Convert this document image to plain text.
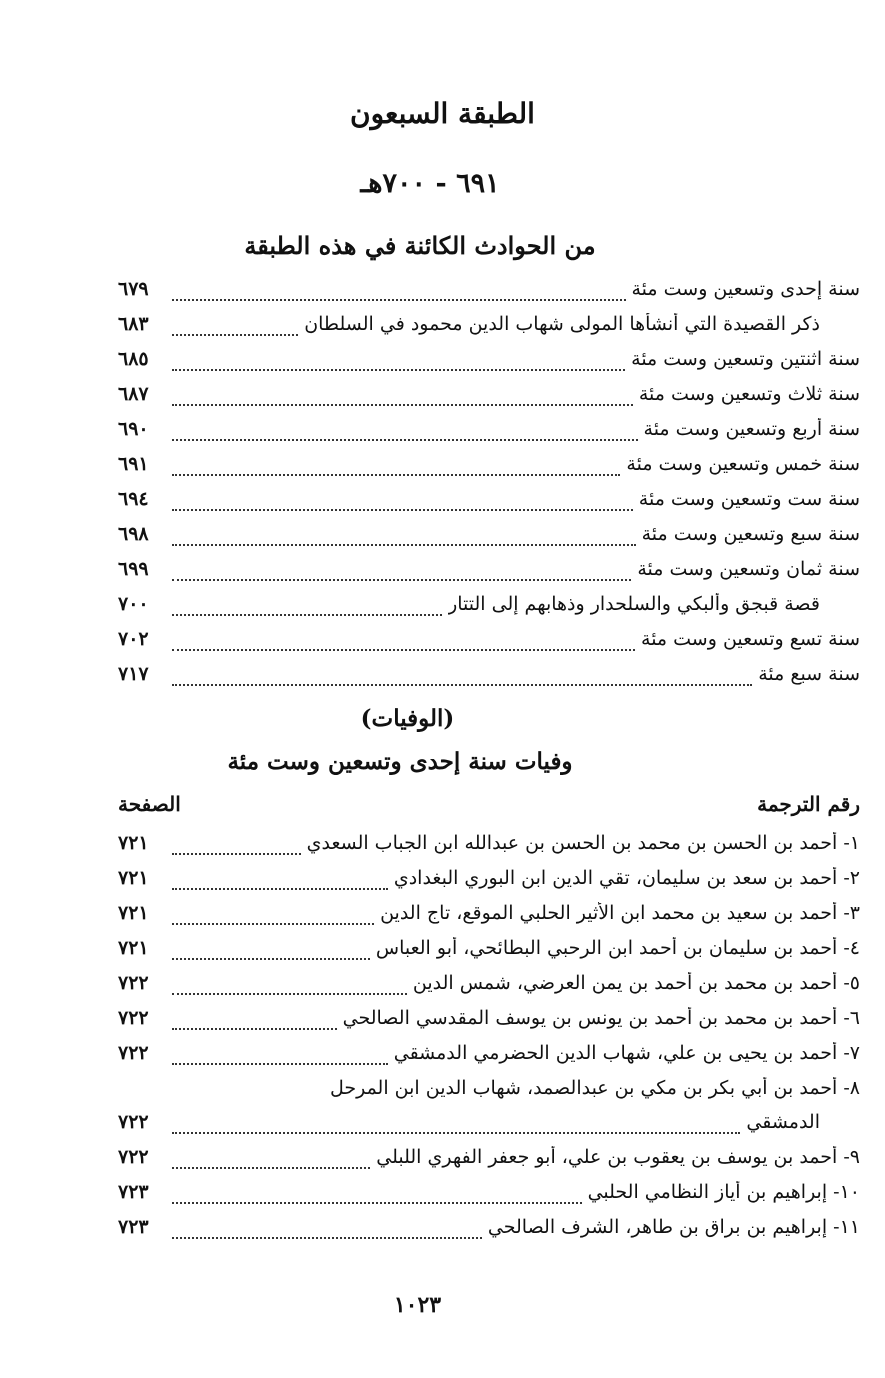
الطبقة السبعون
٦٩١ - ٧٠٠هـ
من الحوادث الكائنة في هذه الطبقة
سنة إحدى وتسعين وست مئة
٦٧٩
ذكر القصيدة التي أنشأها المولى شهاب الدين محمود في السلطان
٦٨٣
سنة اثنتين وتسعين وست مئة
٦٨٥
سنة ثلاث وتسعين وست مئة
٦٨٧
سنة أربع وتسعين وست مئة
٦٩٠
سنة خمس وتسعين وست مئة
٦٩١
سنة ست وتسعين وست مئة
٦٩٤
سنة سبع وتسعين وست مئة
٦٩٨
سنة ثمان وتسعين وست مئة
٦٩٩
قصة قبجق وألبكي والسلحدار وذهابهم إلى التتار
٧٠٠
سنة تسع وتسعين وست مئة
٧٠٢
سنة سبع مئة
٧١٧
(الوفيات)
وفيات سنة إحدى وتسعين وست مئة
رقم الترجمة
الصفحة
١- أحمد بن الحسن بن محمد بن الحسن بن عبدالله ابن الجباب السعدي
٧٢١
٢- أحمد بن سعد بن سليمان، تقي الدين ابن البوري البغدادي
٧٢١
٣- أحمد بن سعيد بن محمد ابن الأثير الحلبي الموقع، تاج الدين
٧٢١
٤- أحمد بن سليمان بن أحمد ابن الرحبي البطائحي، أبو العباس
٧٢١
٥- أحمد بن محمد بن أحمد بن يمن العرضي، شمس الدين
٧٢٢
٦- أحمد بن محمد بن أحمد بن يونس بن يوسف المقدسي الصالحي
٧٢٢
٧- أحمد بن يحيى بن علي، شهاب الدين الحضرمي الدمشقي
٧٢٢
٨- أحمد بن أبي بكر بن مكي بن عبدالصمد، شهاب الدين ابن المرحل
الدمشقي
٧٢٢
٩- أحمد بن يوسف بن يعقوب بن علي، أبو جعفر الفهري اللبلي
٧٢٢
١٠- إبراهيم بن أياز النظامي الحلبي
٧٢٣
١١- إبراهيم بن براق بن طاهر، الشرف الصالحي
٧٢٣
١٠٢٣
